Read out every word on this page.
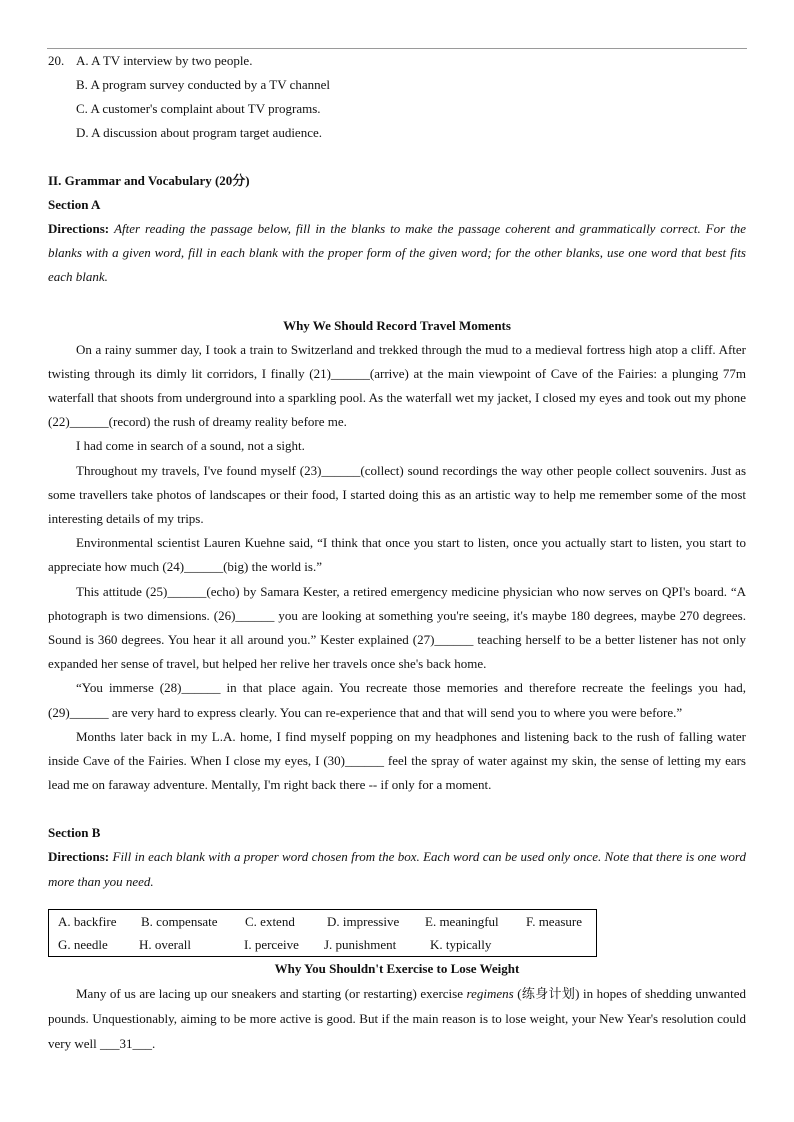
20. A. A TV interview by two people.

B. A program survey conducted by a TV channel

C. A customer's complaint about TV programs.

D. A discussion about program target audience.

II. Grammar and Vocabulary (20分)

Section A

Directions: After reading the passage below, fill in the blanks to make the passage coherent and grammatically correct. For the blanks with a given word, fill in each blank with the proper form of the given word; for the other blanks, use one word that best fits each blank.

Why We Should Record Travel Moments

On a rainy summer day, I took a train to Switzerland and trekked through the mud to a medieval fortress high atop a cliff. After twisting through its dimly lit corridors, I finally (21)______(arrive) at the main viewpoint of Cave of the Fairies: a plunging 77m waterfall that shoots from underground into a sparkling pool. As the waterfall wet my jacket, I closed my eyes and took out my phone (22)______(record) the rush of dreamy reality before me.

I had come in search of a sound, not a sight.

Throughout my travels, I've found myself (23)______(collect) sound recordings the way other people collect souvenirs. Just as some travellers take photos of landscapes or their food, I started doing this as an artistic way to help me remember some of the most interesting details of my trips.

Environmental scientist Lauren Kuehne said, “I think that once you start to listen, once you actually start to listen, you start to appreciate how much (24)______(big) the world is.”

This attitude (25)______(echo) by Samara Kester, a retired emergency medicine physician who now serves on QPI's board. “A photograph is two dimensions. (26)______ you are looking at something you're seeing, it's maybe 180 degrees, maybe 270 degrees. Sound is 360 degrees. You hear it all around you.” Kester explained (27)______ teaching herself to be a better listener has not only expanded her sense of travel, but helped her relive her travels once she's back home.

“You immerse (28)______ in that place again. You recreate those memories and therefore recreate the feelings you had, (29)______ are very hard to express clearly. You can re-experience that and that will send you to where you were before.”

Months later back in my L.A. home, I find myself popping on my headphones and listening back to the rush of falling water inside Cave of the Fairies. When I close my eyes, I (30)______ feel the spray of water against my skin, the sense of letting my ears lead me on faraway adventure. Mentally, I'm right back there -- if only for a moment.

Section B

Directions: Fill in each blank with a proper word chosen from the box. Each word can be used only once. Note that there is one word more than you need.

A. backfire B. compensate C. extend D. impressive E. meaningful F. measure
G. needle H. overall	I. perceive J. punishment	K. typically

Why You Shouldn't Exercise to Lose Weight

Many of us are lacing up our sneakers and starting (or restarting) exercise regimens (练身计划) in hopes of shedding unwanted pounds. Unquestionably, aiming to be more active is good. But if the main reason is to lose weight, your New Year's resolution could very well ___31___.
